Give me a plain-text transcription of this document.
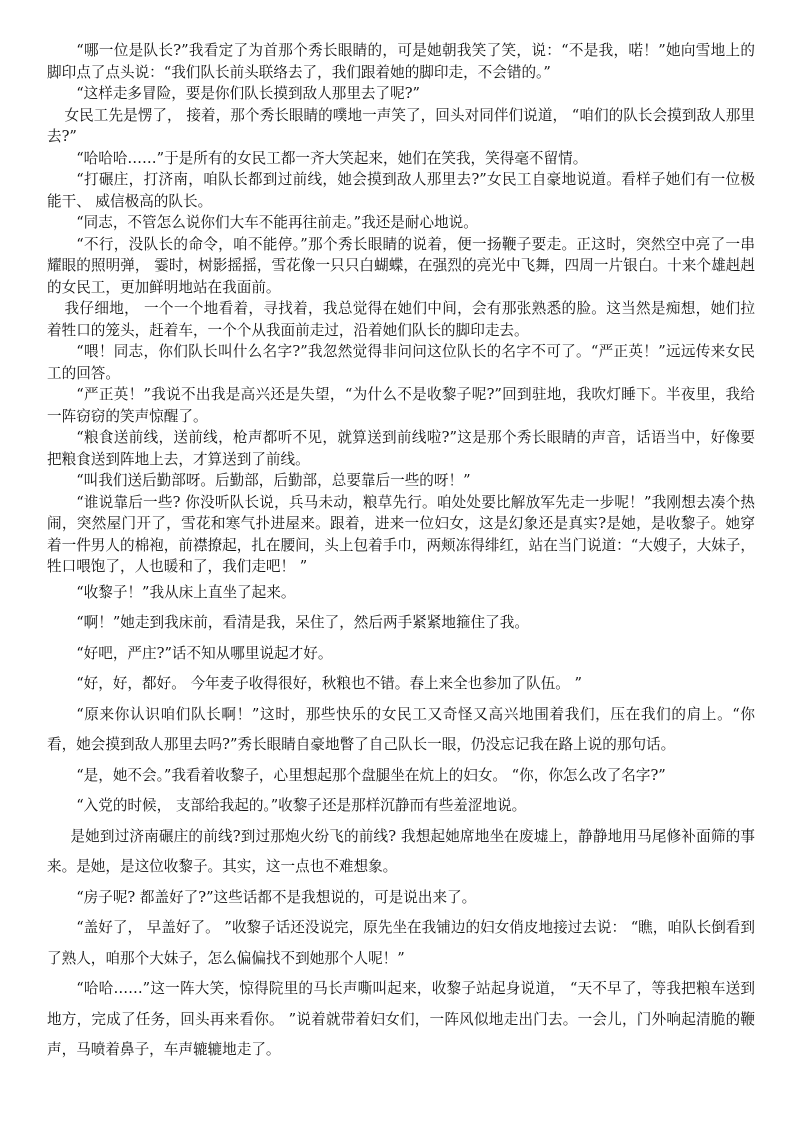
“哪一位是队长?”我看定了为首那个秀长眼睛的，可是她朝我笑了笑，说：“不是我，喏！”她向雪地上的脚印点了点头说：“我们队长前头联络去了，我们跟着她的脚印走，不会错的。”

“这样走多冒险，要是你们队长摸到敌人那里去了呢?”

女民工先是愣了， 接着，那个秀长眼睛的噗地一声笑了，回头对同伴们说道， “咱们的队长会摸到敌人那里去?”

“哈哈哈……”于是所有的女民工都一齐大笑起来，她们在笑我，笑得毫不留情。

“打碾庄，打济南，咱队长都到过前线，她会摸到敌人那里去?”女民工自豪地说道。看样子她们有一位极能干、 威信极高的队长。

“同志，不管怎么说你们大车不能再往前走。”我还是耐心地说。

“不行，没队长的命令，咱不能停。”那个秀长眼睛的说着，便一扬鞭子要走。正这时，突然空中亮了一串耀眼的照明弹， 霎时，树影摇摇，雪花像一只只白蝴蝶，在强烈的亮光中飞舞，四周一片银白。十来个雄赳赳的女民工，更加鲜明地站在我面前。

我仔细地， 一个一个地看着，寻找着，我总觉得在她们中间，会有那张熟悉的脸。这当然是痴想，她们拉着牲口的笼头，赶着车，一个个从我面前走过，沿着她们队长的脚印走去。

“喂！同志，你们队长叫什么名字?”我忽然觉得非问问这位队长的名字不可了。“严正英！”远远传来女民工的回答。

“严正英！”我说不出我是高兴还是失望，“为什么不是收黎子呢?”回到驻地，我吹灯睡下。半夜里，我给一阵窃窃的笑声惊醒了。

“粮食送前线，送前线，枪声都听不见，就算送到前线啦?”这是那个秀长眼睛的声音，话语当中，好像要把粮食送到阵地上去，才算送到了前线。

“叫我们送后勤部呀。后勤部，后勤部，总要靠后一些的呀！”

“谁说靠后一些? 你没听队长说，兵马未动，粮草先行。咱处处要比解放军先走一步呢！”我刚想去凑个热闹，突然屋门开了，雪花和寒气扑进屋来。跟着，进来一位妇女，这是幻象还是真实?是她，是收黎子。她穿着一件男人的棉袍，前襟撩起，扎在腰间，头上包着手巾，两颊冻得绯红，站在当门说道：“大嫂子，大妹子，牲口喂饱了，人也暖和了，我们走吧！ ”

“收黎子！”我从床上直坐了起来。

“啊！”她走到我床前，看清是我，呆住了，然后两手紧紧地箍住了我。

“好吧，严庄?”话不知从哪里说起才好。

“好，好，都好。 今年麦子收得很好，秋粮也不错。春上来全也参加了队伍。 ”

“原来你认识咱们队长啊！”这时，那些快乐的女民工又奇怪又高兴地围着我们，压在我们的肩上。“你看，她会摸到敌人那里去吗?”秀长眼睛自豪地瞥了自己队长一眼，仍没忘记我在路上说的那句话。

“是，她不会。”我看着收黎子，心里想起那个盘腿坐在炕上的妇女。 “你，你怎么改了名字?”

“入党的时候， 支部给我起的。”收黎子还是那样沉静而有些羞涩地说。

是她到过济南碾庄的前线?到过那炮火纷飞的前线? 我想起她席地坐在废墟上，静静地用马尾修补面筛的事来。是她，是这位收黎子。其实，这一点也不难想象。

“房子呢? 都盖好了?”这些话都不是我想说的，可是说出来了。

“盖好了， 早盖好了。 ”收黎子话还没说完，原先坐在我铺边的妇女俏皮地接过去说： “瞧，咱队长倒看到了熟人，咱那个大妹子，怎么偏偏找不到她那个人呢！”

“哈哈……”这一阵大笑，惊得院里的马长声嘶叫起来，收黎子站起身说道， “天不早了，等我把粮车送到地方，完成了任务，回头再来看你。 ”说着就带着妇女们，一阵风似地走出门去。一会儿，门外响起清脆的鞭声，马喷着鼻子，车声辘辘地走了。
